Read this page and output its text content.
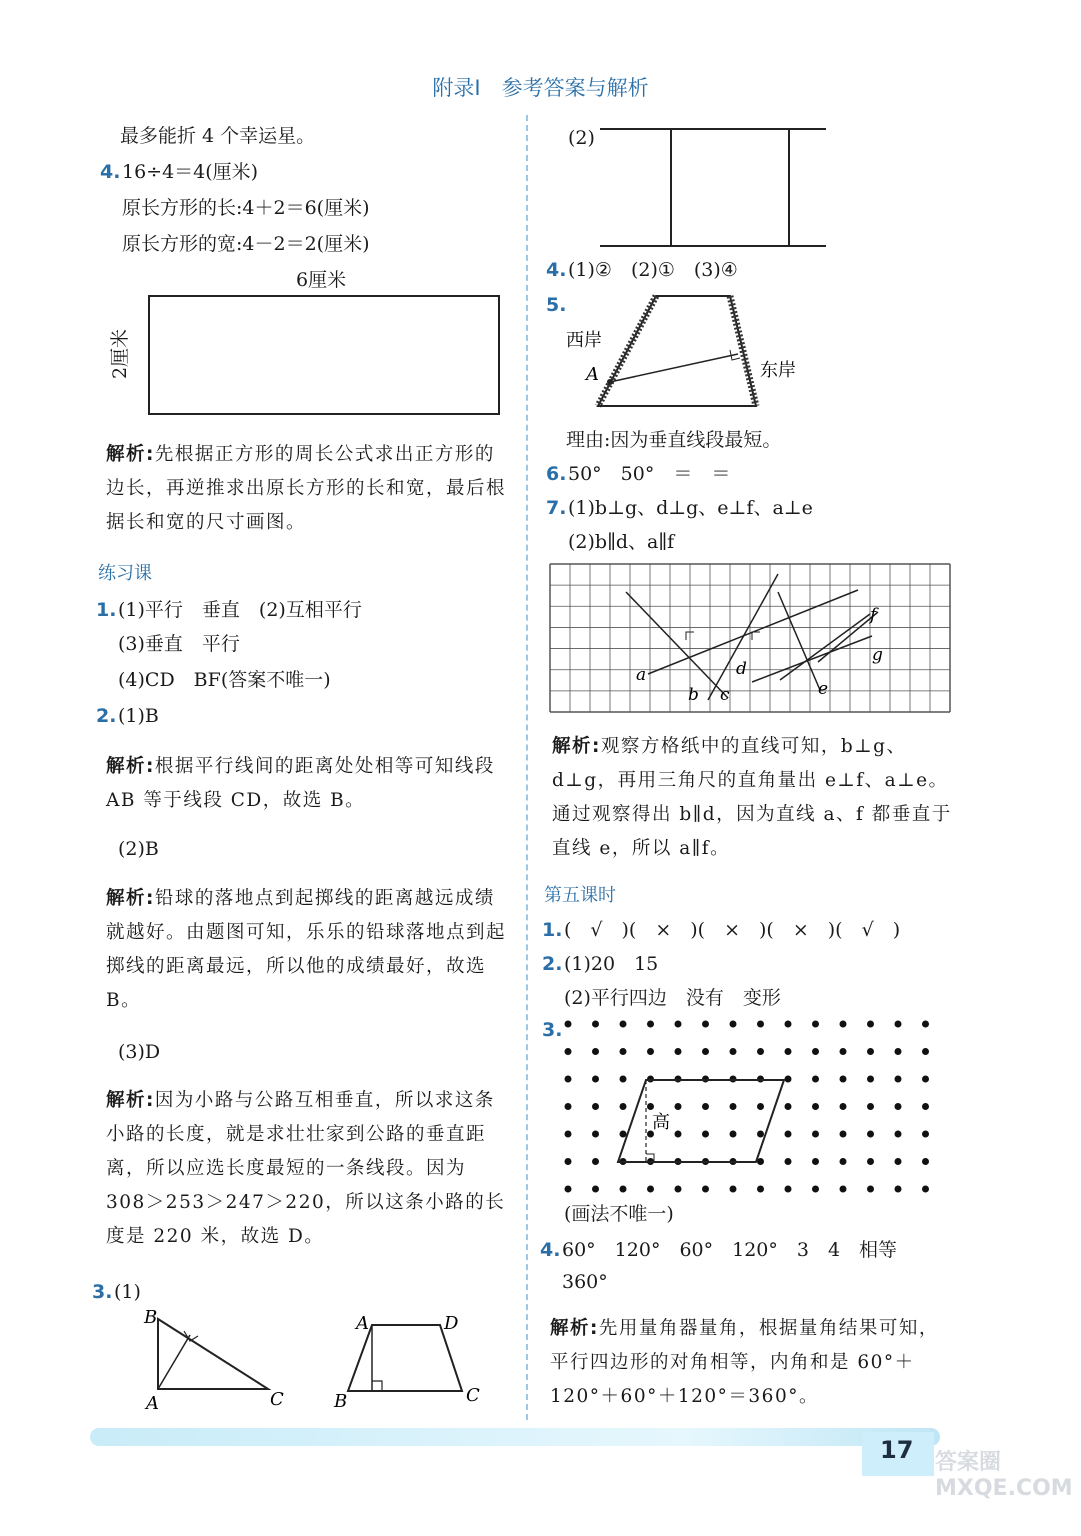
附录Ⅰ　参考答案与解析
最多能折 4 个幸运星。
4. 16÷4＝4(厘米)
原长方形的长:4＋2＝6(厘米)
原长方形的宽:4－2＝2(厘米)
6厘米
2厘米
解析:先根据正方形的周长公式求出正方形的边长，再逆推求出原长方形的长和宽，最后根据长和宽的尺寸画图。
练习课
1. (1)平行　垂直　(2)互相平行
(3)垂直　平行
(4)CD　BF(答案不唯一)
2. (1)B
解析:根据平行线间的距离处处相等可知线段 AB 等于线段 CD，故选 B。
(2)B
解析:铅球的落地点到起掷线的距离越远成绩就越好。由题图可知，乐乐的铅球落地点到起掷线的距离最远，所以他的成绩最好，故选 B。
(3)D
解析:因为小路与公路互相垂直，所以求这条小路的长度，就是求壮壮家到公路的垂直距离，所以应选长度最短的一条线段。因为 308＞253＞247＞220，所以这条小路的长度是 220 米，故选 D。
3. (1)
B
A	C
A	D
B	C
(2)
4. (1)②　(2)①　(3)④
5.
西岸
东岸
A
理由:因为垂直线段最短。
6. 50°　50°　＝　＝
7. (1)b⊥g、d⊥g、e⊥f、a⊥e
(2)b∥d、a∥f
a
b c
d
e
f
g
解析:观察方格纸中的直线可知，b⊥g、d⊥g，再用三角尺的直角量出 e⊥f、a⊥e。通过观察得出 b∥d，因为直线 a、f 都垂直于直线 e，所以 a∥f。
第五课时
1. (　√　)(　×　)(　×　)(　×　)(　√　)
2. (1)20　15
(2)平行四边　没有　变形
3.
高
(画法不唯一)
4. 60°　120°　60°　120°　3　4　相等
360°
解析:先用量角器量角，根据量角结果可知，平行四边形的对角相等，内角和是 60°＋120°＋60°＋120°＝360°。
17 答案圈 MXQE.COM
